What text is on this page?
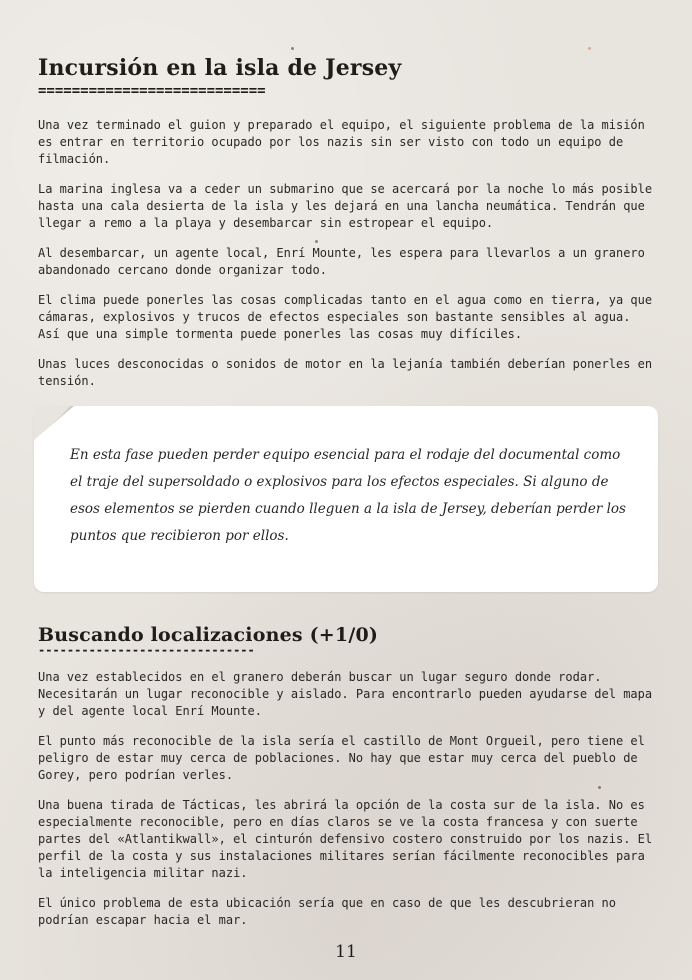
Incursión en la isla de Jersey
===========================

Una vez terminado el guion y preparado el equipo, el siguiente problema de la misión es entrar en territorio ocupado por los nazis sin ser visto con todo un equipo de filmación.

La marina inglesa va a ceder un submarino que se acercará por la noche lo más posible hasta una cala desierta de la isla y les dejará en una lancha neumática. Tendrán que llegar a remo a la playa y desembarcar sin estropear el equipo.

Al desembarcar, un agente local, Enrí Mounte, les espera para llevarlos a un granero abandonado cercano donde organizar todo.

El clima puede ponerles las cosas complicadas tanto en el agua como en tierra, ya que cámaras, explosivos y trucos de efectos especiales son bastante sensibles al agua. Así que una simple tormenta puede ponerles las cosas muy difíciles.

Unas luces desconocidas o sonidos de motor en la lejanía también deberían ponerles en tensión.

Buscando localizaciones (+1/0)
------------------------------

Una vez establecidos en el granero deberán buscar un lugar seguro donde rodar. Necesitarán un lugar reconocible y aislado. Para encontrarlo pueden ayudarse del mapa y del agente local Enrí Mounte.

El punto más reconocible de la isla sería el castillo de Mont Orgueil, pero tiene el peligro de estar muy cerca de poblaciones. No hay que estar muy cerca del pueblo de Gorey, pero podrían verles.

Una buena tirada de Tácticas, les abrirá la opción de la costa sur de la isla. No es especialmente reconocible, pero en días claros se ve la costa francesa y con suerte partes del «Atlantikwall», el cinturón defensivo costero construido por los nazis. El perfil de la costa y sus instalaciones militares serían fácilmente reconocibles para la inteligencia militar nazi.

El único problema de esta ubicación sería que en caso de que les descubrieran no podrían escapar hacia el mar.

En esta fase pueden perder equipo esencial para el rodaje del documental como el traje del supersoldado o explosivos para los efectos especiales. Si alguno de esos elementos se pierden cuando lleguen a la isla de Jersey, deberían perder los puntos que recibieron por ellos.
11
